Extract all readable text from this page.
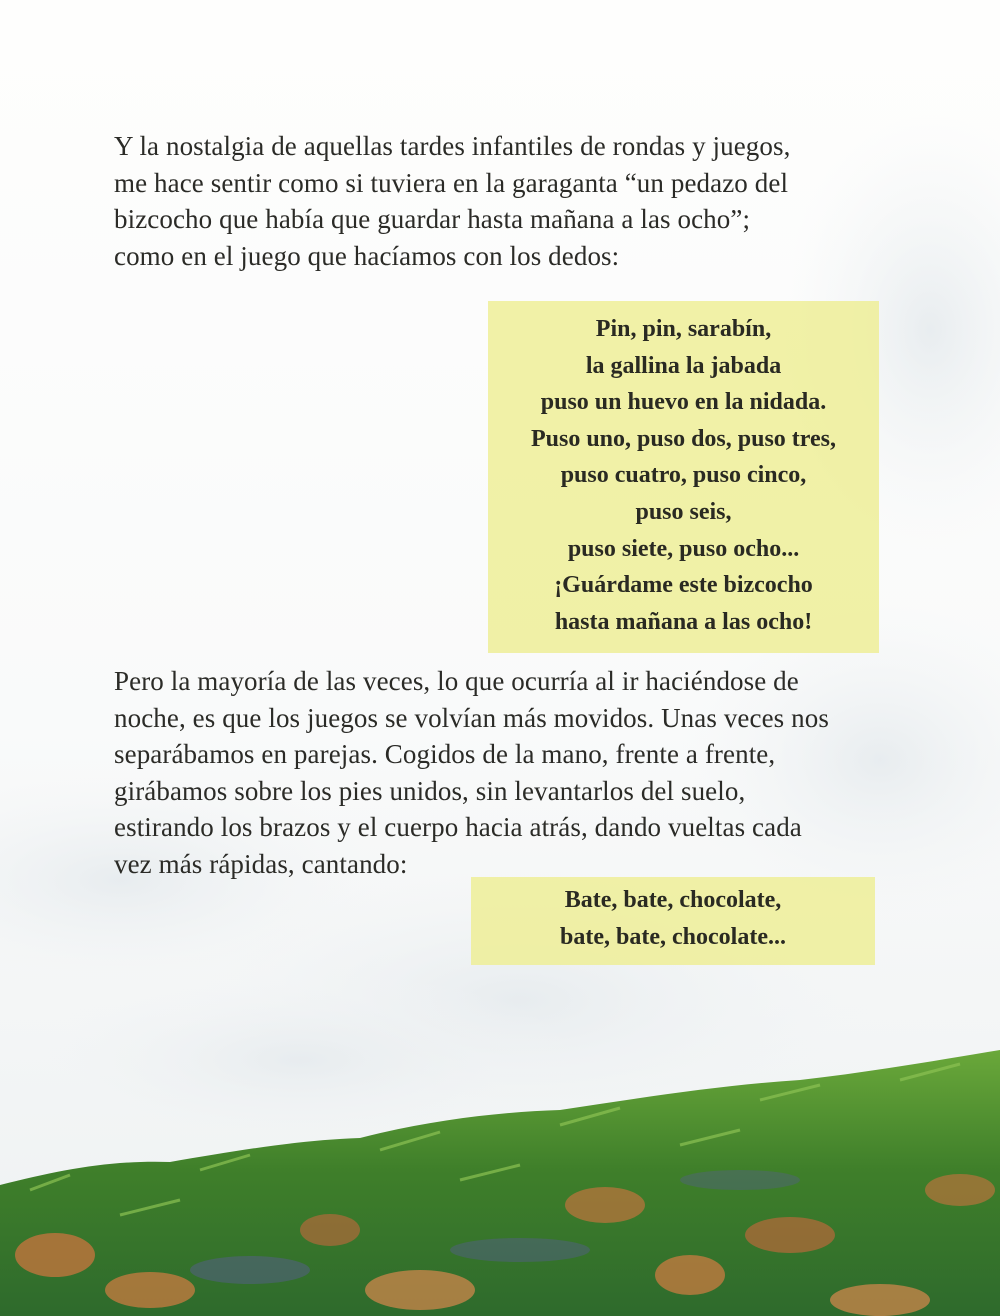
Y la nostalgia de aquellas tardes infantiles de rondas y juegos,
me hace sentir como si tuviera en la garaganta “un pedazo del
bizcocho que había que guardar hasta mañana a las ocho”;
como en el juego que hacíamos con los dedos:
Pin, pin, sarabín,
la gallina la jabada
puso un huevo en la nidada.
Puso uno, puso dos, puso tres,
puso cuatro, puso cinco,
puso seis,
puso siete, puso ocho...
¡Guárdame este bizcocho
hasta mañana a las ocho!
Pero la mayoría de las veces, lo que ocurría al ir haciéndose de
noche, es que los juegos se volvían más movidos. Unas veces nos
separábamos en parejas. Cogidos de la mano, frente a frente,
girábamos sobre los pies unidos, sin levantarlos del suelo,
estirando los brazos y el cuerpo hacia atrás, dando vueltas cada
vez más rápidas, cantando:
Bate, bate, chocolate,
bate, bate, chocolate...
